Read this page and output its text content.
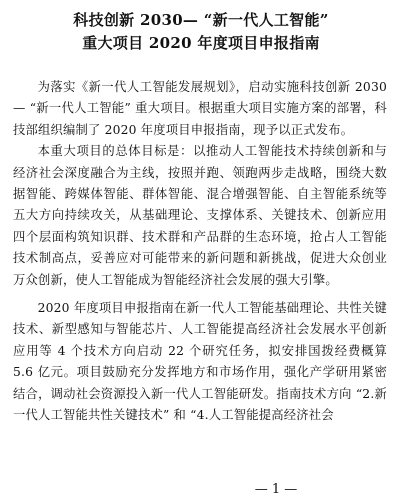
科技创新 2030— “新一代人工智能”
重大项目 2020 年度项目申报指南

为落实《新一代人工智能发展规划》，启动实施科技创新 2030 — “新一代人工智能” 重大项目。根据重大项目实施方案的部署，科技部组织编制了 2020 年度项目申报指南，现予以正式发布。

本重大项目的总体目标是：以推动人工智能技术持续创新和与经济社会深度融合为主线，按照并跑、领跑两步走战略，围绕大数据智能、跨媒体智能、群体智能、混合增强智能、自主智能系统等五大方向持续攻关，从基础理论、支撑体系、关键技术、创新应用四个层面构筑知识群、技术群和产品群的生态环境，抢占人工智能技术制高点，妥善应对可能带来的新问题和新挑战，促进大众创业万众创新，使人工智能成为智能经济社会发展的强大引擎。

2020 年度项目申报指南在新一代人工智能基础理论、共性关键技术、新型感知与智能芯片、人工智能提高经济社会发展水平创新应用等 4 个技术方向启动 22 个研究任务，拟安排国拨经费概算 5.6 亿元。项目鼓励充分发挥地方和市场作用，强化产学研用紧密结合，调动社会资源投入新一代人工智能研发。指南技术方向 “2.新一代人工智能共性关键技术” 和 “4.人工智能提高经济社会

— 1 —
